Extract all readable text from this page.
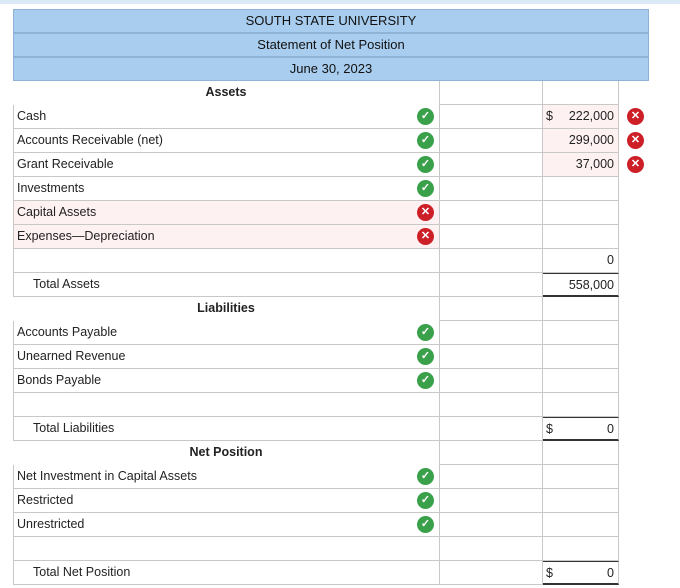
SOUTH STATE UNIVERSITY
Statement of Net Position
June 30, 2023
Assets
Cash	✓	$ 222,000	✕
Accounts Receivable (net)	✓	299,000	✕
Grant Receivable	✓	37,000	✕
Investments	✓
Capital Assets	✕
Expenses—Depreciation	✕
0
Total Assets	558,000
Liabilities
Accounts Payable	✓
Unearned Revenue	✓
Bonds Payable	✓
Total Liabilities	$	0
Net Position
Net Investment in Capital Assets	✓
Restricted	✓
Unrestricted	✓
Total Net Position	$	0
